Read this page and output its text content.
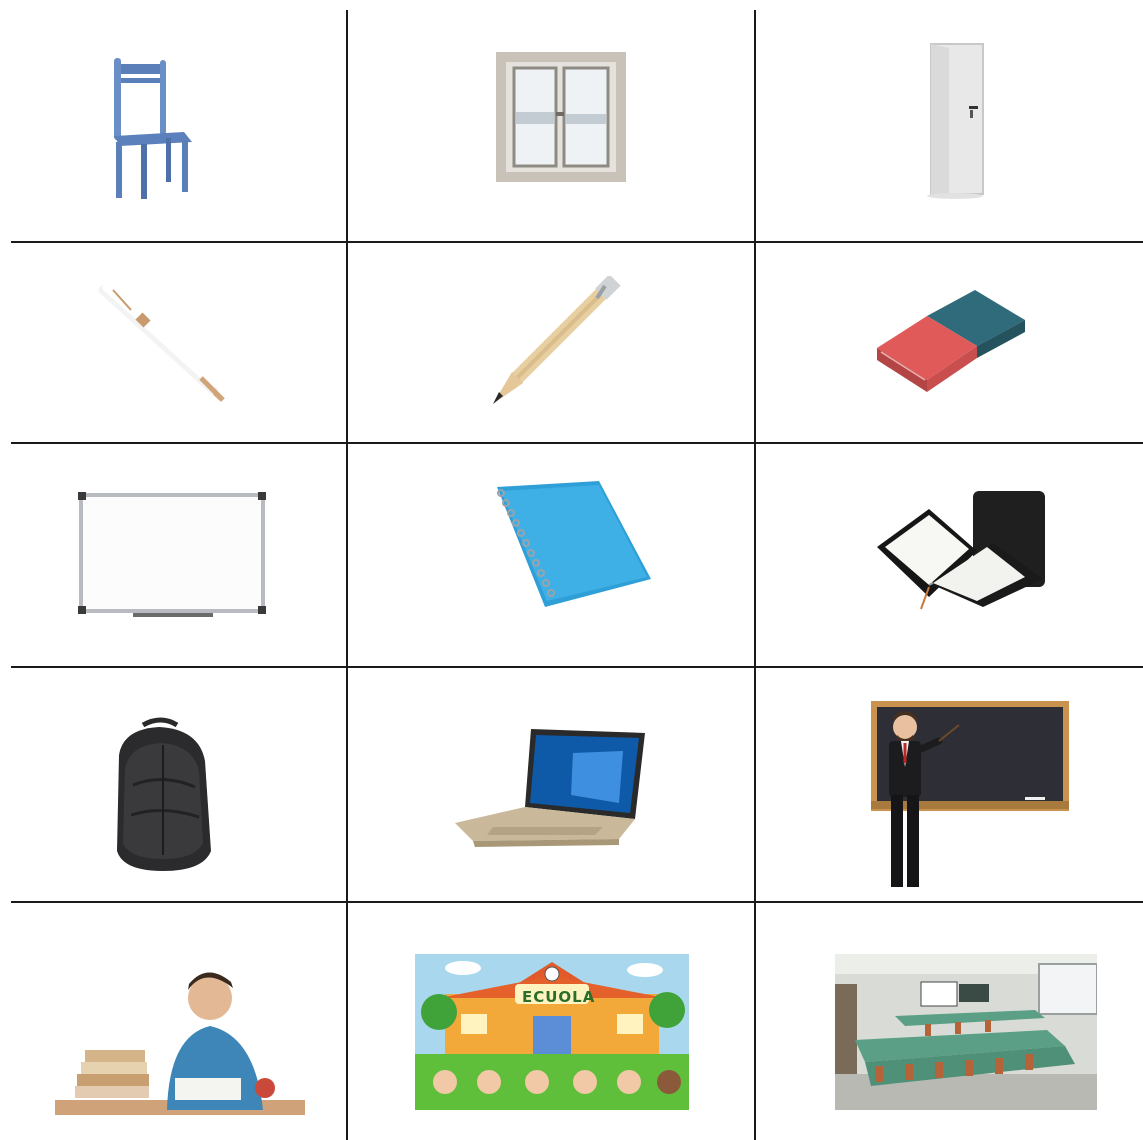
ECUOLA
